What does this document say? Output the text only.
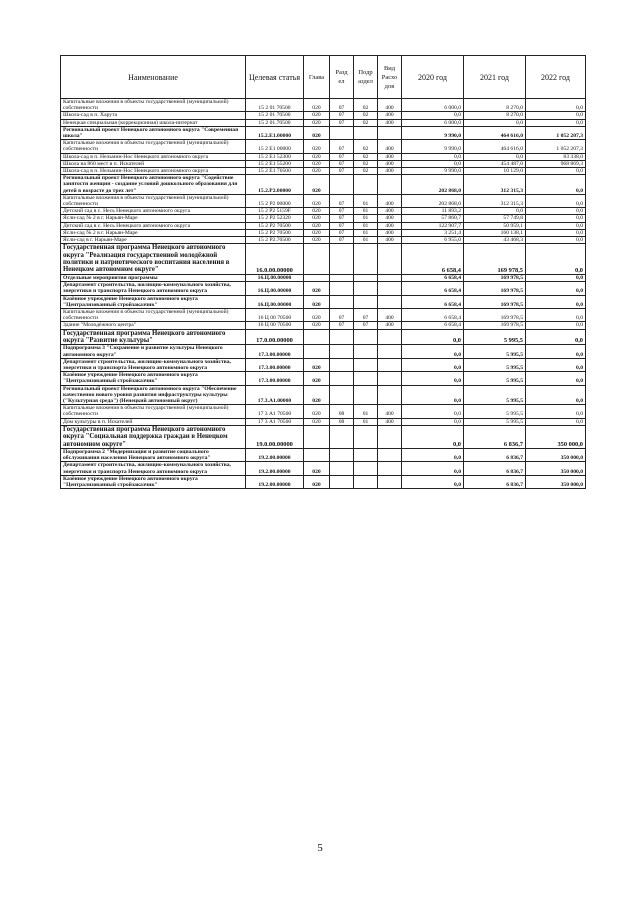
Наименование	Целевая статья	Глава	Разд ел	Подр аздел	Вид Расхо дов	2020 год	2021 год	2022 год
Капитальные вложения в объекты государственной (муниципальной) собственности	15 2 01 70500	020	07	02	400	6 000,0	8 270,0	0,0
Школа-сад в п. Харута	15 2 01 70500	020	07	02	400	0,0	8 270,0	0,0
Ненецкая специальная (коррекционная) школа-интернат	15 2 01.70500	020	07	02	400	6 000,0	0,0	0,0
Региональный проект Ненецкого автономного округа "Современная школа"	15.2.Е1.00000	020				9 990,0	464 616,0	1 052 207,3
Капитальные вложения в объекты государственной (муниципальной) собственности	15 2 Е1 00000	020	07	02	400	9 990,0	464 616,0	1 052 207,3
Школа-сад в п. Нельмин-Нос Ненецкого автономного округа	15 2 Е1 52300	020	07	02	400	0,0	0,0	83 338,0
Школа на 860 мест в п. Искателей	15 2 Е1 55200	020	07	02	400	0,0	454 487,0	968 869,3
Школа-сад в п. Нельмин-Нос Ненецкого автономного округа	15 2 Е1 70500	020	07	02	400	9 990,0	10 129,0	0,0
Региональный проект Ненецкого автономного округа "Содействие занятости женщин - создание условий дошкольного образования для детей в возрасте до трех лет"	15.2.Р2.00000	020				202 868,0	312 315,3	0,0
Капитальные вложения в объекты государственной (муниципальной) собственности	15 2 Р2 00000	020	07	01	400	202 868,0	312 315,3	0,0
Детский сад в с. Несь Ненецкого автономного округа	15 2 Р2 5159F	020	07	01	400	11 893,2	0,0	0,0
Ясли-сад № 2 в г. Нарьян-Маре	15 2 Р2 52320	020	07	01	400	57 860,7	57 749,8	0,0
Детский сад в с. Несь Ненецкого автономного округа	15 2 Р2 70500	020	07	01	400	122 907,7	50 959,1	0,0
Ясли-сад № 2 в г. Нарьян-Маре	15 2 Р2 70500	020	07	01	400	3 251,4	160 138,1	0,0
Ясли-сад в г. Нарьян-Маре	15 2 Р2.70500	020	07	01	400	6 955,0	43 468,3	0,0
Государственная программа Ненецкого автономного округа "Реализация государственной молодёжной политики и патриотического воспитания населения в Ненецком автономном округе"	16.0.00.00000					6 658,4	169 978,5	0,0
Отдельные мероприятия программы	16.Ц.00.00000					6 658,4	169 978,5	0,0
Департамент строительства, жилищно-коммунального хозяйства, энергетики и транспорта Ненецкого автономного округа	16.Ц.00.00000	020				6 658,4	169 978,5	0,0
Казённое учреждение Ненецкого автономного округа "Централизованный стройзаказчик"	16.Ц.00.00000	020				6 658,4	169 978,5	0,0
Капитальные вложения в объекты государственной (муниципальной) собственности	16 Ц 00 70500	020	07	07	400	6 658,4	169 978,5	0,0
Здание "Молодёжного центра"	16 Ц 00 70500	020	07	07	400	6 658,4	169 978,5	0,0
Государственная программа Ненецкого автономного округа "Развитие культуры"	17.0.00.00000					0,0	5 995,5	0,0
Подпрограмма 3 "Сохранение и развитие культуры Ненецкого автономного округа"	17.3.00.00000					0,0	5 995,5	0,0
Департамент строительства, жилищно-коммунального хозяйства, энергетики и транспорта Ненецкого автономного округа	17.3.00.00000	020				0,0	5 995,5	0,0
Казённое учреждение Ненецкого автономного округа "Централизованный стройзаказчик"	17.3.00.00000	020				0,0	5 995,5	0,0
Региональный проект Ненецкого автономного округа "Обеспечение качественно нового уровня развития инфраструктуры культуры ("Культурная среда") (Ненецкий автономный округ)	17.3.А1.00000	020				0,0	5 995,5	0,0
Капитальные вложения в объекты государственной (муниципальной) собственности	17 3 А1 70500	020	08	01	400	0,0	5 995,5	0,0
Дом культуры в п. Искателей	17 3 А1 70500	020	08	01	400	0,0	5 995,5	0,0
Государственная программа Ненецкого автономного округа "Социальная поддержка граждан в Ненецком автономном округе"	19.0.00.00000					0,0	6 836,7	350 000,0
Подпрограмма 2 "Модернизация и развитие социального обслуживания населения Ненецкого автономного округа"	19.2.00.00000					0,0	6 836,7	350 000,0
Департамент строительства, жилищно-коммунального хозяйства, энергетики и транспорта Ненецкого автономного округа	19.2.00.00000	020				0,0	6 836,7	350 000,0
Казённое учреждение Ненецкого автономного округа "Централизованный стройзаказчик"	19.2.00.00000	020				0,0	6 836,7	350 000,0
5
